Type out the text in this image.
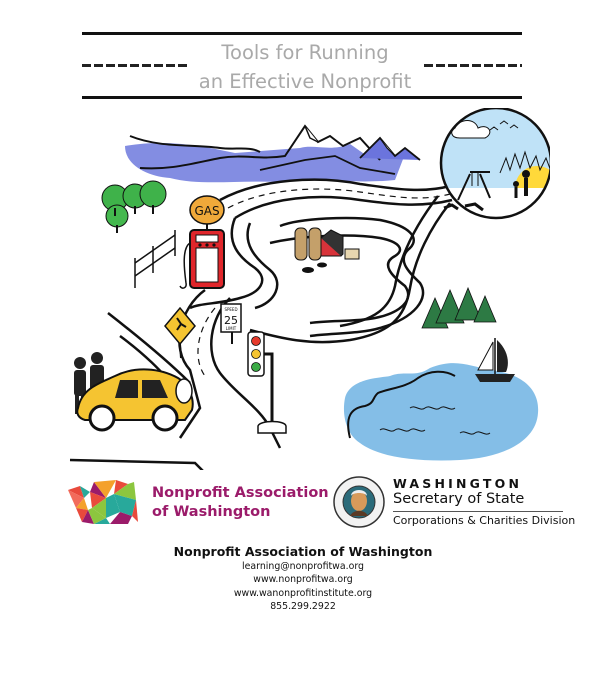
Tools for Running
an Effective Nonprofit
GAS
SPEED
25
LIMIT
Nonprofit Association
of Washington
WASHINGTON
Secretary of State
Corporations & Charities Division
Nonprofit Association of Washington
learning@nonprofitwa.org
www.nonprofitwa.org
www.wanonprofitinstitute.org
855.299.2922
